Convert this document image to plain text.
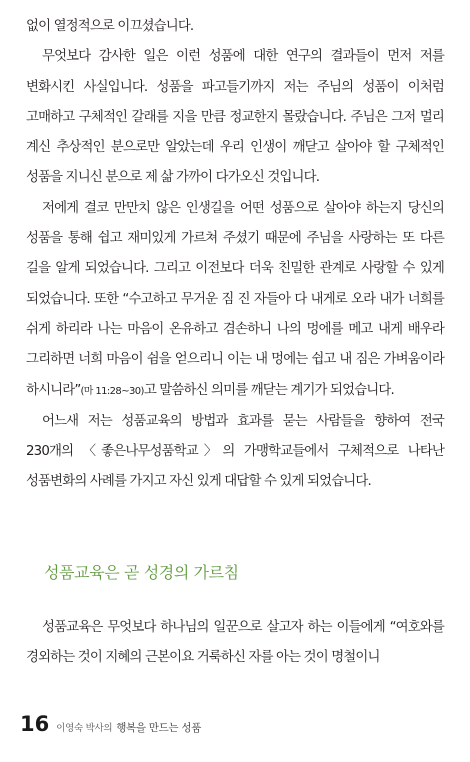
없이 열정적으로 이끄셨습니다.

무엇보다 감사한 일은 이런 성품에 대한 연구의 결과들이 먼저 저를 변화시킨 사실입니다. 성품을 파고들기까지 저는 주님의 성품이 이처럼 고매하고 구체적인 갈래를 지을 만큼 정교한지 몰랐습니다. 주님은 그저 멀리 계신 추상적인 분으로만 알았는데 우리 인생이 깨닫고 살아야 할 구체적인 성품을 지니신 분으로 제 삶 가까이 다가오신 것입니다.

저에게 결코 만만치 않은 인생길을 어떤 성품으로 살아야 하는지 당신의 성품을 통해 쉽고 재미있게 가르쳐 주셨기 때문에 주님을 사랑하는 또 다른 길을 알게 되었습니다. 그리고 이전보다 더욱 친밀한 관계로 사랑할 수 있게 되었습니다. 또한 “수고하고 무거운 짐 진 자들아 다 내게로 오라 내가 너희를 쉬게 하리라 나는 마음이 온유하고 겸손하니 나의 멍에를 메고 내게 배우라 그리하면 너희 마음이 쉼을 얻으리니 이는 내 멍에는 쉽고 내 짐은 가벼움이라 하시니라”(마 11:28~30)고 말씀하신 의미를 깨닫는 계기가 되었습니다.

어느새 저는 성품교육의 방법과 효과를 묻는 사람들을 향하여 전국 230개의 〈좋은나무성품학교〉의 가맹학교들에서 구체적으로 나타난 성품변화의 사례를 가지고 자신 있게 대답할 수 있게 되었습니다.

성품교육은 곧 성경의 가르침

성품교육은 무엇보다 하나님의 일꾼으로 살고자 하는 이들에게 “여호와를 경외하는 것이 지혜의 근본이요 거룩하신 자를 아는 것이 명철이니

16 이영숙 박사의 행복을 만드는 성품
